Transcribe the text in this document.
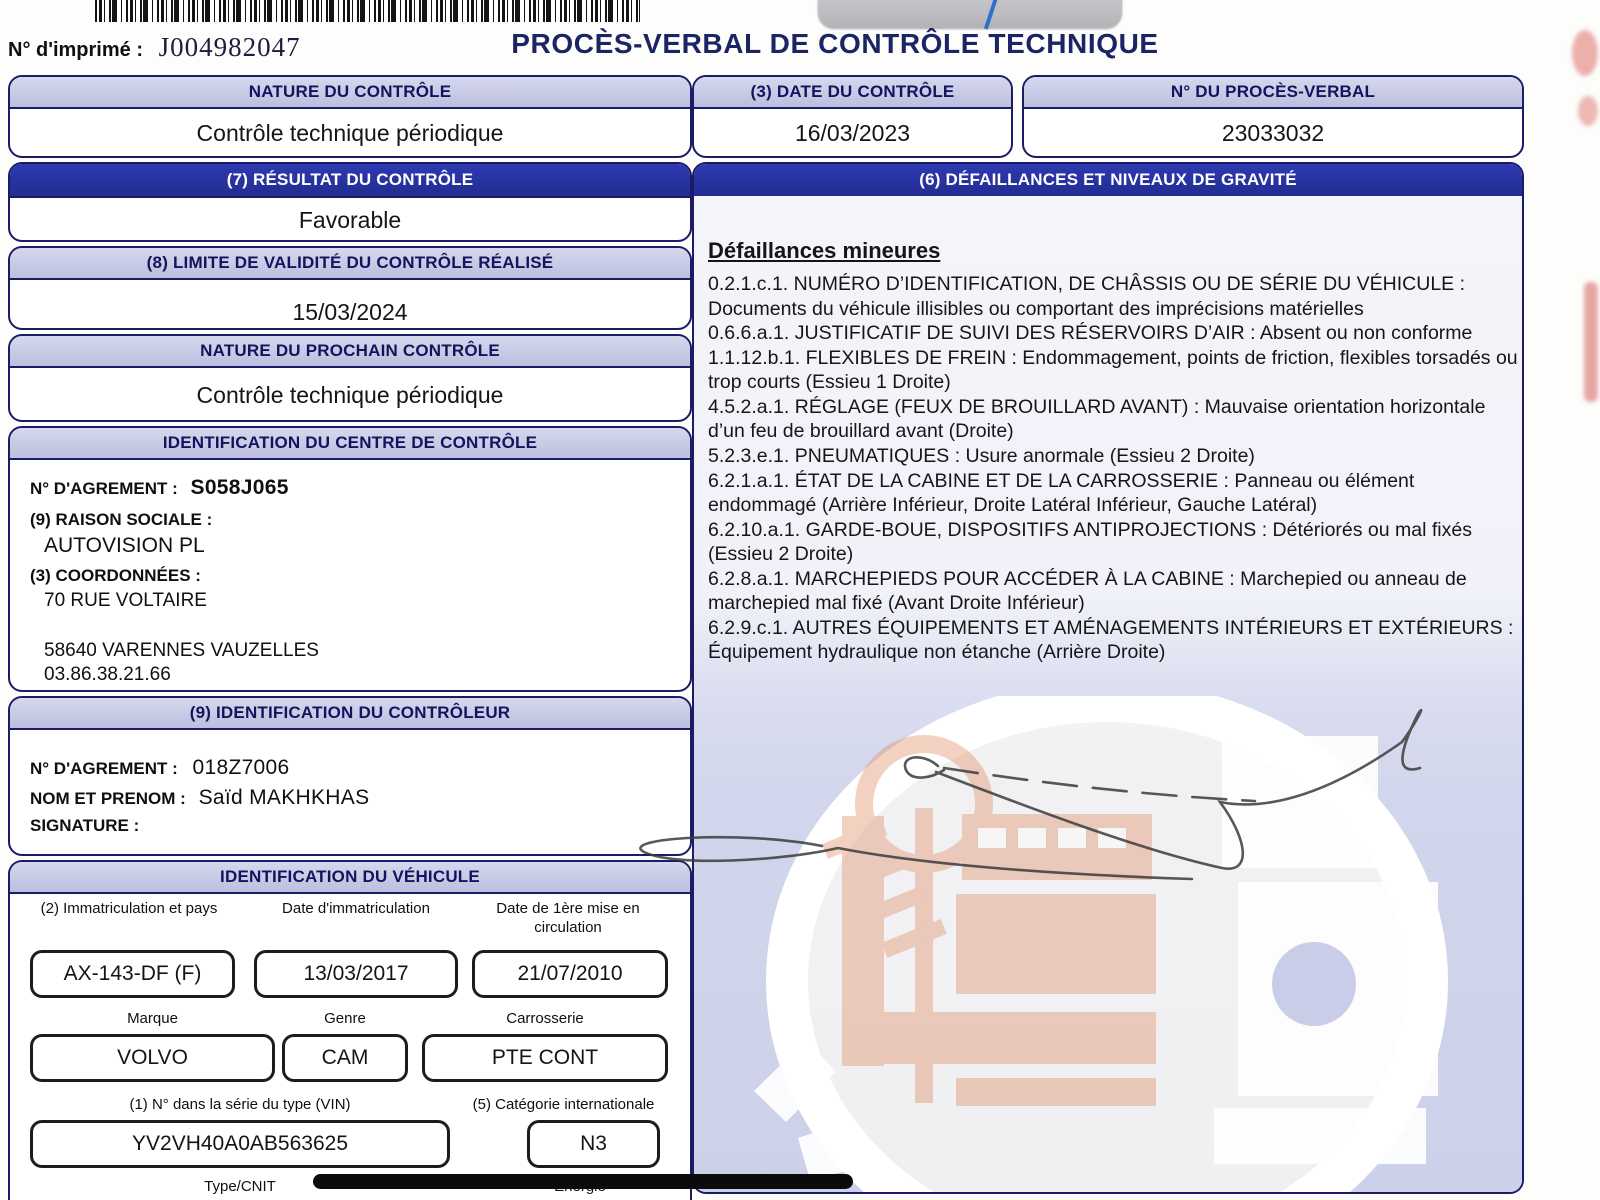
N° d'imprimé : J004982047	PROCÈS-VERBAL DE CONTRÔLE TECHNIQUE
NATURE DU CONTRÔLE
Contrôle technique périodique
(7) RÉSULTAT DU CONTRÔLE
Favorable
(8) LIMITE DE VALIDITÉ DU CONTRÔLE RÉALISÉ
15/03/2024
NATURE DU PROCHAIN CONTRÔLE
Contrôle technique périodique
IDENTIFICATION DU CENTRE DE CONTRÔLE
N° D'AGREMENT : S058J065
(9) RAISON SOCIALE :
AUTOVISION PL
(3) COORDONNÉES :
70 RUE VOLTAIRE
58640 VARENNES VAUZELLES
03.86.38.21.66
(9) IDENTIFICATION DU CONTRÔLEUR
N° D'AGREMENT : 018Z7006
NOM ET PRENOM : Saïd MAKHKHAS
SIGNATURE :
IDENTIFICATION DU VÉHICULE
(2) Immatriculation et pays	Date d'immatriculation	Date de 1ère mise en circulation
AX-143-DF (F)	13/03/2017	21/07/2010
Marque	Genre	Carrosserie
VOLVO	CAM	PTE CONT
(1) N° dans la série du type (VIN)	(5) Catégorie internationale
YV2VH40A0AB563625	N3
Type/CNIT
(3) DATE DU CONTRÔLE
16/03/2023
N° DU PROCÈS-VERBAL
23033032
(6) DÉFAILLANCES ET NIVEAUX DE GRAVITÉ
Défaillances mineures
0.2.1.c.1. NUMÉRO D’IDENTIFICATION, DE CHÂSSIS OU DE SÉRIE DU VÉHICULE : Documents du véhicule illisibles ou comportant des imprécisions matérielles
0.6.6.a.1. JUSTIFICATIF DE SUIVI DES RÉSERVOIRS D’AIR : Absent ou non conforme
1.1.12.b.1. FLEXIBLES DE FREIN : Endommagement, points de friction, flexibles torsadés ou trop courts (Essieu 1 Droite)
4.5.2.a.1. RÉGLAGE (FEUX DE BROUILLARD AVANT) : Mauvaise orientation horizontale d’un feu de brouillard avant (Droite)
5.2.3.e.1. PNEUMATIQUES : Usure anormale (Essieu 2 Droite)
6.2.1.a.1. ÉTAT DE LA CABINE ET DE LA CARROSSERIE : Panneau ou élément endommagé (Arrière Inférieur, Droite Latéral Inférieur, Gauche Latéral)
6.2.10.a.1. GARDE-BOUE, DISPOSITIFS ANTIPROJECTIONS : Détériorés ou mal fixés (Essieu 2 Droite)
6.2.8.a.1. MARCHEPIEDS POUR ACCÉDER À LA CABINE : Marchepied ou anneau de marchepied mal fixé (Avant Droite Inférieur)
6.2.9.c.1. AUTRES ÉQUIPEMENTS ET AMÉNAGEMENTS INTÉRIEURS ET EXTÉRIEURS : Équipement hydraulique non étanche (Arrière Droite)
